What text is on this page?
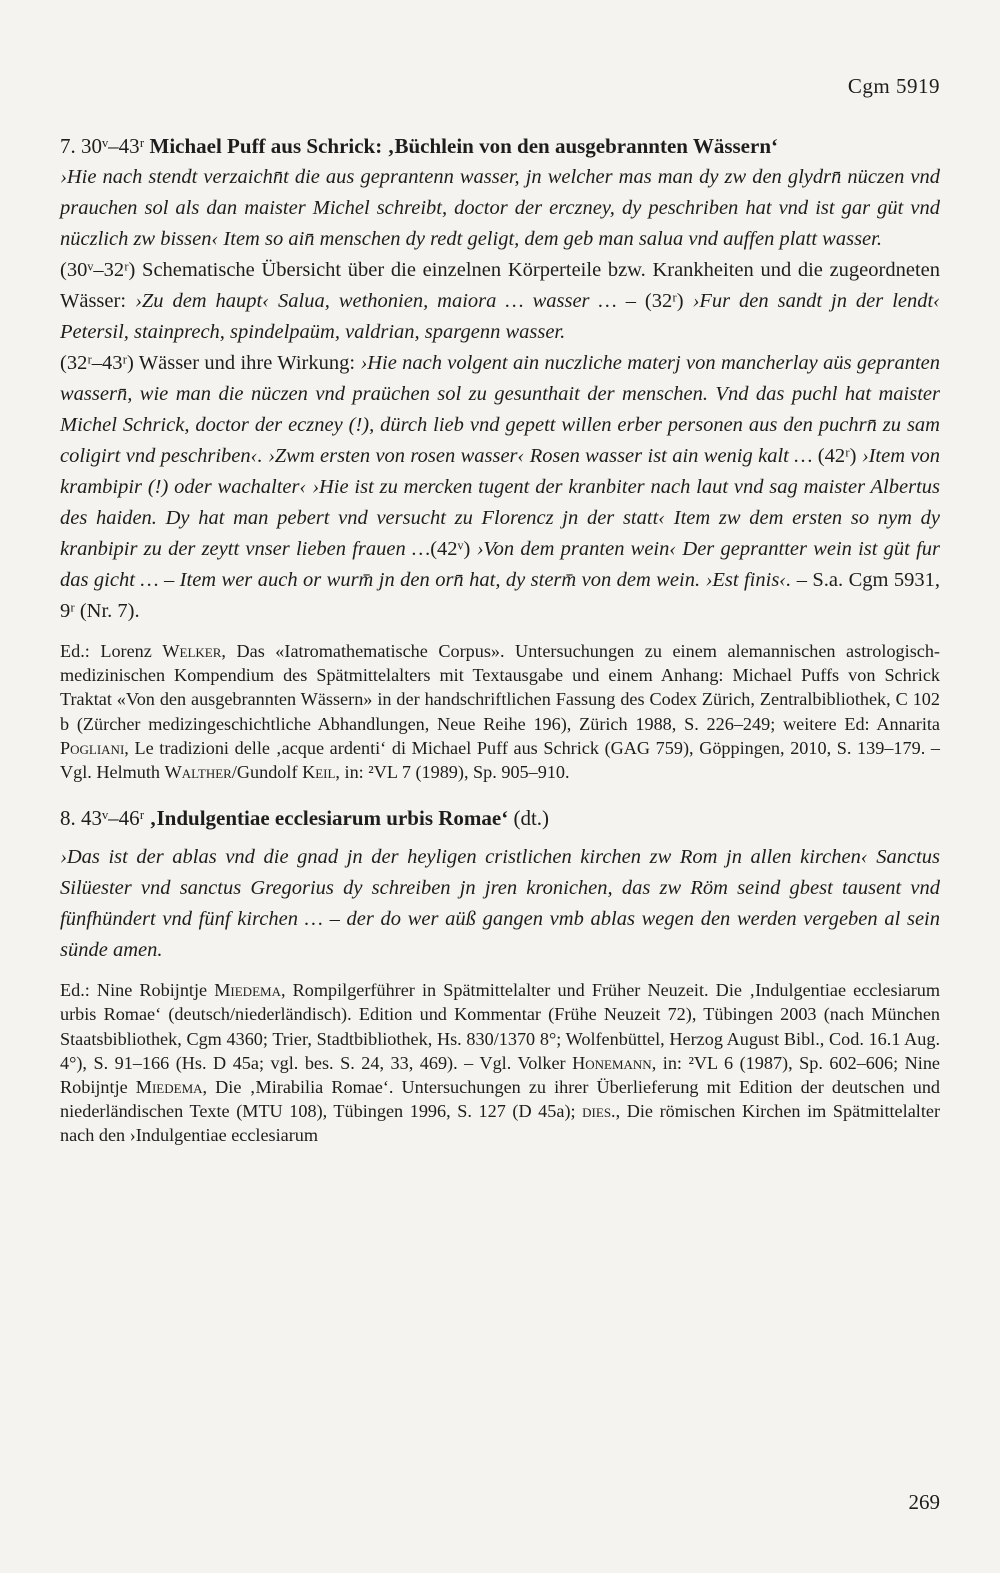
Cgm 5919

7. 30ᵛ–43ʳ Michael Puff aus Schrick: ‚Büchlein von den ausgebrannten Wässern‘

›Hie nach stendt verzaichn̄t die aus geprantenn wasser, jn welcher mas man dy zw den glydrn̄ nüczen vnd prauchen sol als dan maister Michel schreibt, doctor der erczney, dy peschriben hat vnd ist gar güt vnd nüczlich zw bissen‹ Item so ain̄ menschen dy redt geligt, dem geb man salua vnd auffen platt wasser.

(30ᵛ–32ʳ) Schematische Übersicht über die einzelnen Körperteile bzw. Krankheiten und die zugeordneten Wässer: ›Zu dem haupt‹ Salua, wethonien, maiora … wasser … – (32ʳ) ›Fur den sandt jn der lendt‹ Petersil, stainprech, spindelpaüm, valdrian, spargenn wasser.

(32ʳ–43ʳ) Wässer und ihre Wirkung: ›Hie nach volgent ain nuczliche materj von mancherlay aüs gepranten wassern̄, wie man die nüczen vnd praüchen sol zu gesunthait der menschen. Vnd das puchl hat maister Michel Schrick, doctor der eczney (!), dürch lieb vnd gepett willen erber personen aus den puchrn̄ zu sam coligirt vnd peschriben‹. ›Zwm ersten von rosen wasser‹ Rosen wasser ist ain wenig kalt … (42ʳ) ›Item von krambipir (!) oder wachalter‹ ›Hie ist zu mercken tugent der kranbiter nach laut vnd sag maister Albertus des haiden. Dy hat man pebert vnd versucht zu Florencz jn der statt‹ Item zw dem ersten so nym dy kranbipir zu der zeytt vnser lieben frauen …(42ᵛ) ›Von dem pranten wein‹ Der geprantter wein ist güt fur das gicht … – Item wer auch or wurm̄ jn den orn̄ hat, dy sterm̄ von dem wein. ›Est finis‹. – S.a. Cgm 5931, 9ʳ (Nr. 7).

Ed.: Lorenz Welker, Das «Iatromathematische Corpus». Untersuchungen zu einem alemannischen astrologisch-medizinischen Kompendium des Spätmittelalters mit Textausgabe und einem Anhang: Michael Puffs von Schrick Traktat «Von den ausgebrannten Wässern» in der handschriftlichen Fassung des Codex Zürich, Zentralbibliothek, C 102 b (Zürcher medizingeschichtliche Abhandlungen, Neue Reihe 196), Zürich 1988, S. 226–249; weitere Ed: Annarita Pogliani, Le tradizioni delle ‚acque ardenti‘ di Michael Puff aus Schrick (GAG 759), Göppingen, 2010, S. 139–179. – Vgl. Helmuth Walther/Gundolf Keil, in: ²VL 7 (1989), Sp. 905–910.

8. 43ᵛ–46ʳ ‚Indulgentiae ecclesiarum urbis Romae‘ (dt.)

›Das ist der ablas vnd die gnad jn der heyligen cristlichen kirchen zw Rom jn allen kirchen‹ Sanctus Silüester vnd sanctus Gregorius dy schreiben jn jren kronichen, das zw Röm seind gbest tausent vnd fünfhündert vnd fünf kirchen … – der do wer aüß gangen vmb ablas wegen den werden vergeben al sein sünde amen.

Ed.: Nine Robijntje Miedema, Rompilgerführer in Spätmittelalter und Früher Neuzeit. Die ‚Indulgentiae ecclesiarum urbis Romae‘ (deutsch/niederländisch). Edition und Kommentar (Frühe Neuzeit 72), Tübingen 2003 (nach München Staatsbibliothek, Cgm 4360; Trier, Stadtbibliothek, Hs. 830/1370 8°; Wolfenbüttel, Herzog August Bibl., Cod. 16.1 Aug. 4°), S. 91–166 (Hs. D 45a; vgl. bes. S. 24, 33, 469). – Vgl. Volker Honemann, in: ²VL 6 (1987), Sp. 602–606; Nine Robijntje Miedema, Die ‚Mirabilia Romae‘. Untersuchungen zu ihrer Überlieferung mit Edition der deutschen und niederländischen Texte (MTU 108), Tübingen 1996, S. 127 (D 45a); dies., Die römischen Kirchen im Spätmittelalter nach den ›Indulgentiae ecclesiarum

269
